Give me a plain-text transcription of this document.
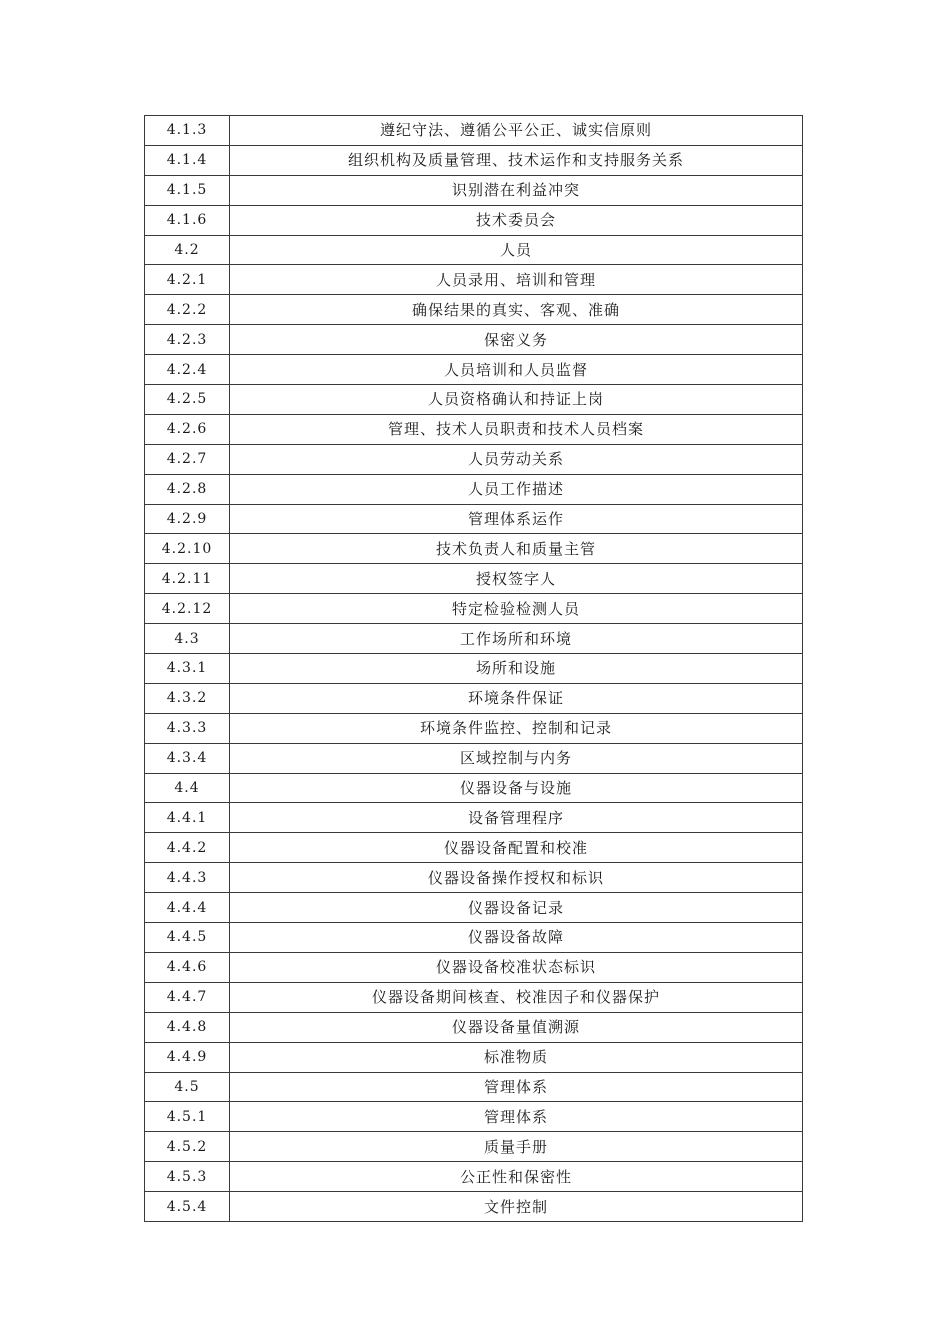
4.1.3	遵纪守法、遵循公平公正、诚实信原则
4.1.4	组织机构及质量管理、技术运作和支持服务关系
4.1.5	识别潜在利益冲突
4.1.6	技术委员会
4.2	人员
4.2.1	人员录用、培训和管理
4.2.2	确保结果的真实、客观、准确
4.2.3	保密义务
4.2.4	人员培训和人员监督
4.2.5	人员资格确认和持证上岗
4.2.6	管理、技术人员职责和技术人员档案
4.2.7	人员劳动关系
4.2.8	人员工作描述
4.2.9	管理体系运作
4.2.10	技术负责人和质量主管
4.2.11	授权签字人
4.2.12	特定检验检测人员
4.3	工作场所和环境
4.3.1	场所和设施
4.3.2	环境条件保证
4.3.3	环境条件监控、控制和记录
4.3.4	区域控制与内务
4.4	仪器设备与设施
4.4.1	设备管理程序
4.4.2	仪器设备配置和校准
4.4.3	仪器设备操作授权和标识
4.4.4	仪器设备记录
4.4.5	仪器设备故障
4.4.6	仪器设备校准状态标识
4.4.7	仪器设备期间核查、校准因子和仪器保护
4.4.8	仪器设备量值溯源
4.4.9	标准物质
4.5	管理体系
4.5.1	管理体系
4.5.2	质量手册
4.5.3	公正性和保密性
4.5.4	文件控制
